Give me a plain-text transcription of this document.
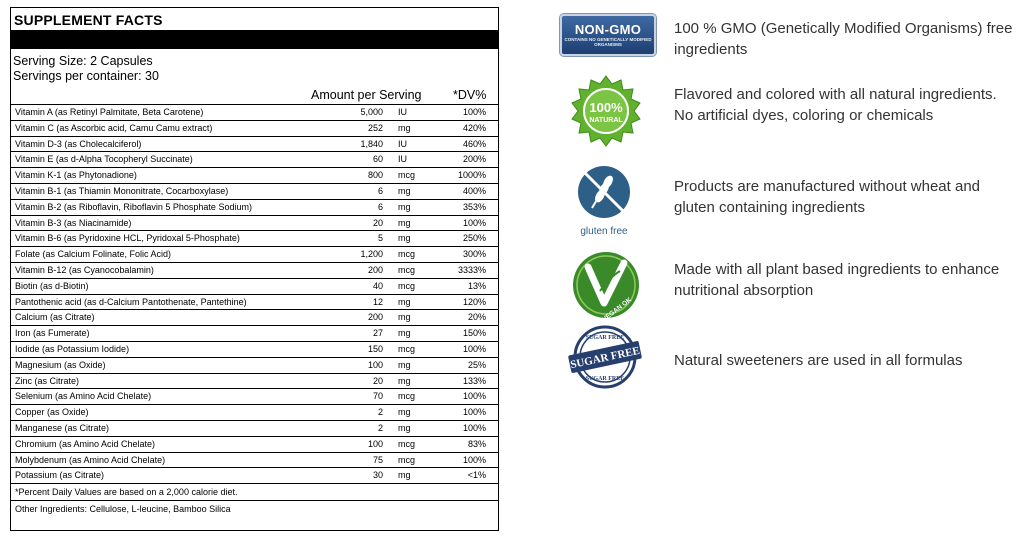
SUPPLEMENT FACTS
Serving Size: 2 Capsules
Servings per container: 30
Amount per Serving	*DV%
Vitamin A (as Retinyl Palmitate, Beta Carotene)	5,000 IU	100%
Vitamin C (as Ascorbic acid, Camu Camu extract)	252 mg	420%
Vitamin D-3 (as Cholecalciferol)	1,840 IU	460%
Vitamin E (as d-Alpha Tocopheryl Succinate)	60 IU	200%
Vitamin K-1 (as Phytonadione)	800 mcg	1000%
Vitamin B-1 (as Thiamin Mononitrate, Cocarboxylase)	6 mg	400%
Vitamin B-2 (as Riboflavin, Riboflavin 5 Phosphate Sodium)	6 mg	353%
Vitamin B-3 (as Niacinamide)	20 mg	100%
Vitamin B-6 (as Pyridoxine HCL, Pyridoxal 5-Phosphate)	5 mg	250%
Folate (as Calcium Folinate, Folic Acid)	1,200 mcg	300%
Vitamin B-12 (as Cyanocobalamin)	200 mcg	3333%
Biotin (as d-Biotin)	40 mcg	13%
Pantothenic acid (as d-Calcium Pantothenate, Pantethine)	12 mg	120%
Calcium (as Citrate)	200 mg	20%
Iron (as Fumerate)	27 mg	150%
Iodide (as Potassium Iodide)	150 mcg	100%
Magnesium (as Oxide)	100 mg	25%
Zinc (as Citrate)	20 mg	133%
Selenium (as Amino Acid Chelate)	70 mcg	100%
Copper (as Oxide)	2 mg	100%
Manganese (as Citrate)	2 mg	100%
Chromium (as Amino Acid Chelate)	100 mcg	83%
Molybdenum (as Amino Acid Chelate)	75 mcg	100%
Potassium (as Citrate)	30 mg	<1%
*Percent Daily Values are based on a 2,000 calorie diet.
Other Ingredients: Cellulose, L-leucine, Bamboo Silica
NON-GMO
CONTAINS NO GENETICALLY MODIFIED ORGANISMS
100 % GMO (Genetically Modified Organisms) free ingredients
100%
NATURAL
Flavored and colored with all natural ingredients. No artificial dyes, coloring or chemicals
gluten free
Products are manufactured without wheat and gluten containing ingredients
VEGAN OK
Made with all plant based ingredients to enhance nutritional absorption
SUGAR FREE
SUGAR FREE
SUGAR FREE Natural sweeteners are used in all formulas
